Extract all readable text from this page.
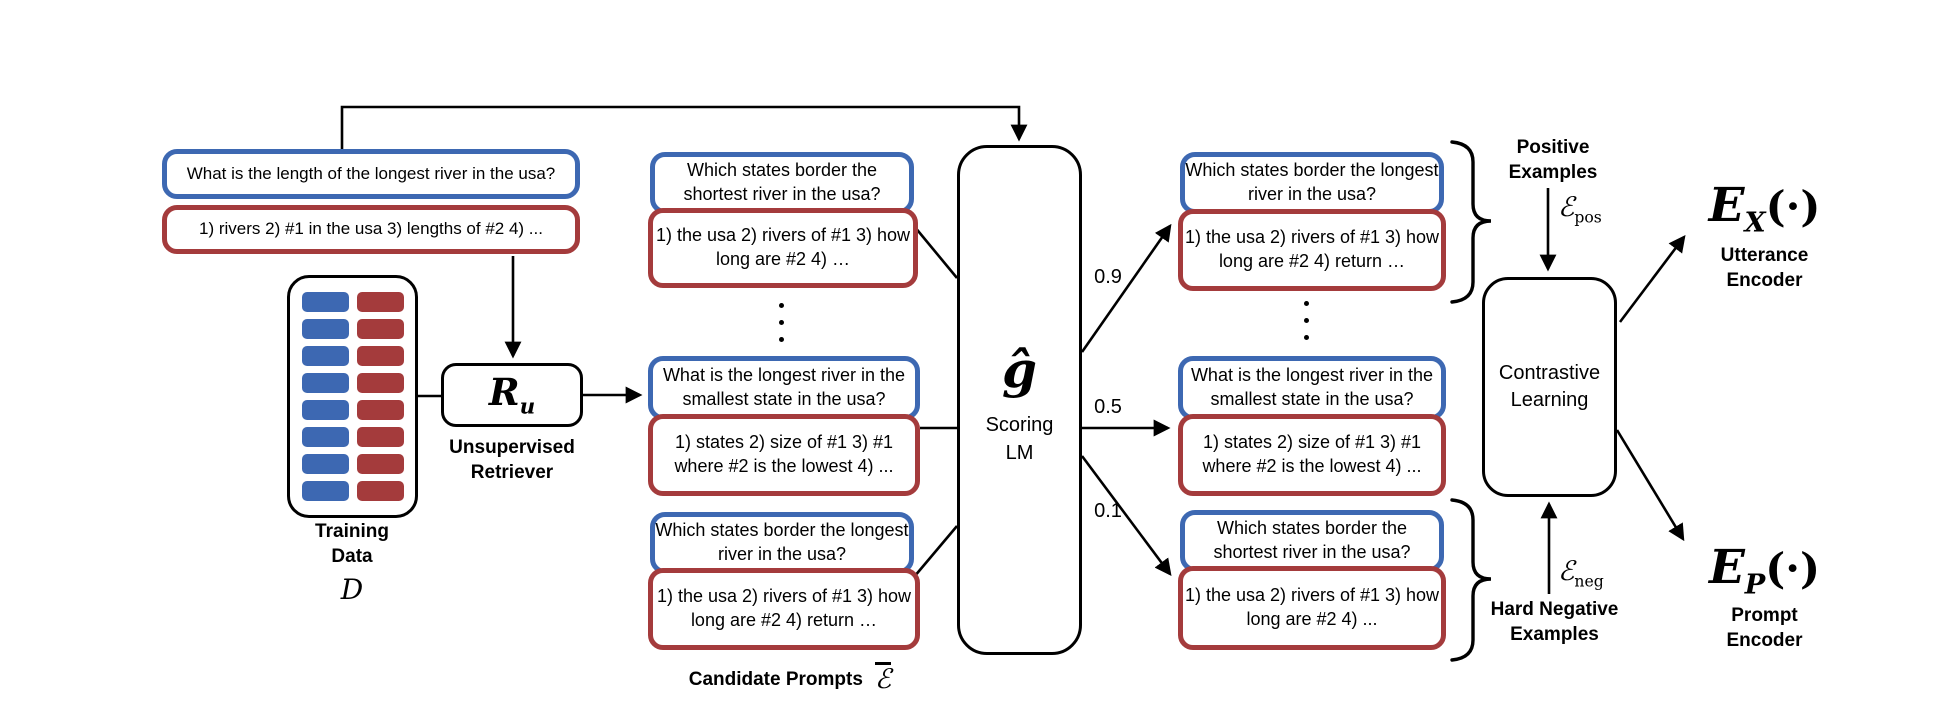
What is the length of the longest river in the usa?
1) rivers 2) #1 in the usa 3) lengths of #2 4) ...
Training
Data
D
$R_u$
Unsupervised
Retriever
Which states border the shortest river in the usa?
1) the usa 2) rivers of #1 3) how long are #2 4) …
What is the longest river in the smallest state in the usa?
1) states 2) size of #1 3) #1 where #2 is the lowest 4) ...
Which states border the longest river in the usa?
1) the usa 2) rivers of #1 3) how long are #2 4) return …
Candidate Prompts ℰ
ĝ
Scoring
LM
0.9
0.5
0.1
Which states border the longest river in the usa?
1) the usa 2) rivers of #1 3) how long are #2 4) return …
What is the longest river in the smallest state in the usa?
1) states 2) size of #1 3) #1 where #2 is the lowest 4) ...
Which states border the shortest river in the usa?
1) the usa 2) rivers of #1 3) how long are #2 4) ...
Positive
Examples
ℰ$_{pos}$
ℰ$_{neg}$
Hard Negative
Examples
Contrastive
Learning
$E_X(\cdot)$
Utterance
Encoder
$E_P(\cdot)$
Prompt
Encoder
